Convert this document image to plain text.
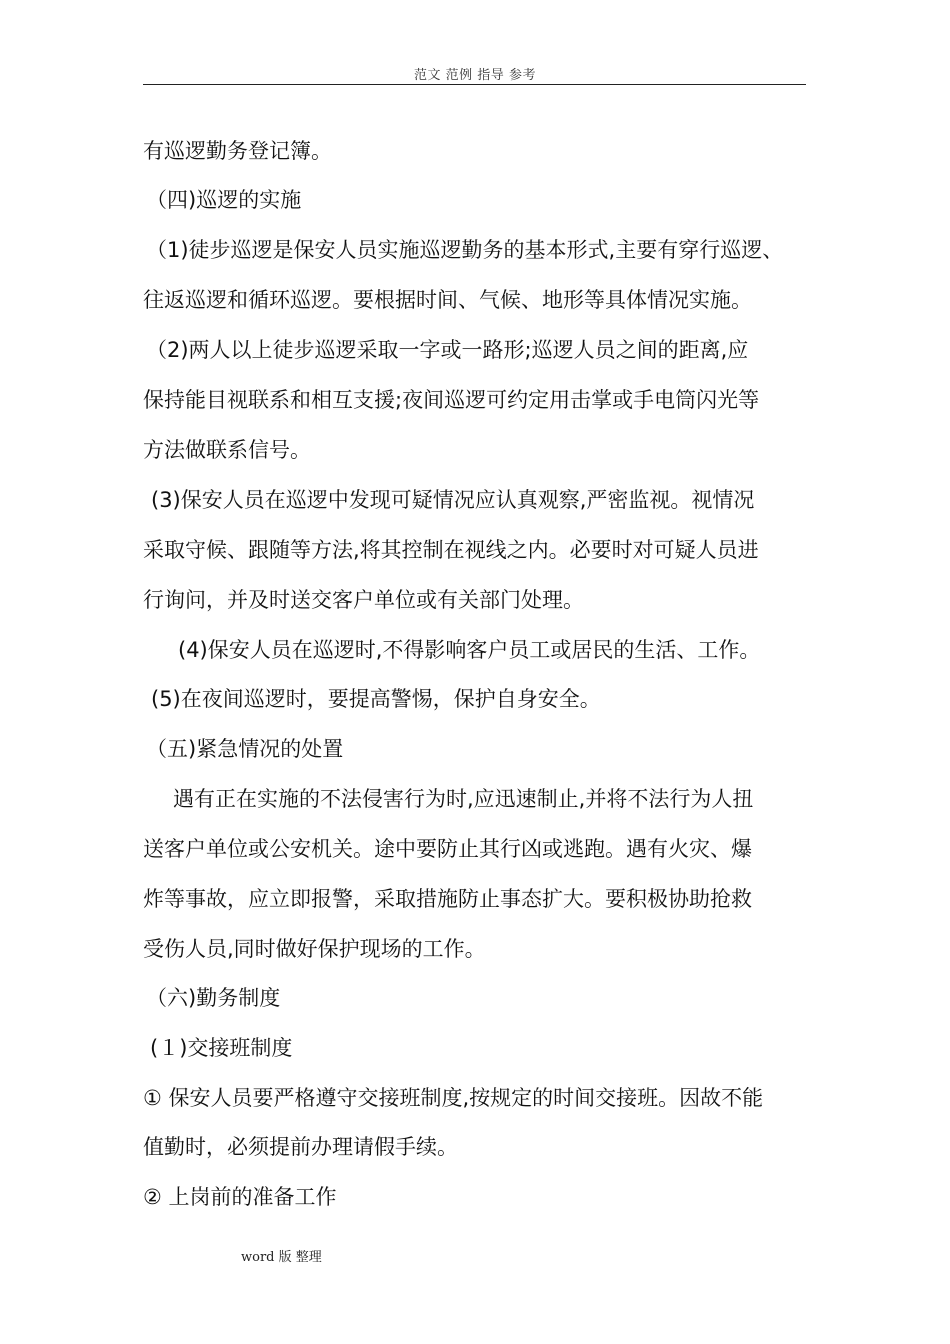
范文 范例 指导 参考
有巡逻勤务登记簿。
（四)巡逻的实施
（1)徒步巡逻是保安人员实施巡逻勤务的基本形式,主要有穿行巡逻、
往返巡逻和循环巡逻。要根据时间、气候、地形等具体情况实施。
（2)两人以上徒步巡逻采取一字或一路形;巡逻人员之间的距离,应
保持能目视联系和相互支援;夜间巡逻可约定用击掌或手电筒闪光等
方法做联系信号。
(3)保安人员在巡逻中发现可疑情况应认真观察,严密监视。视情况
采取守候、跟随等方法,将其控制在视线之内。必要时对可疑人员进
行询问，并及时送交客户单位或有关部门处理。
(4)保安人员在巡逻时,不得影响客户员工或居民的生活、工作。
(5)在夜间巡逻时，要提高警惕，保护自身安全。
（五)紧急情况的处置
遇有正在实施的不法侵害行为时,应迅速制止,并将不法行为人扭
送客户单位或公安机关。途中要防止其行凶或逃跑。遇有火灾、爆
炸等事故，应立即报警，采取措施防止事态扩大。要积极协助抢救
受伤人员,同时做好保护现场的工作。
（六)勤务制度
(１)交接班制度
① 保安人员要严格遵守交接班制度,按规定的时间交接班。因故不能
值勤时，必须提前办理请假手续。
② 上岗前的准备工作
word 版 整理
